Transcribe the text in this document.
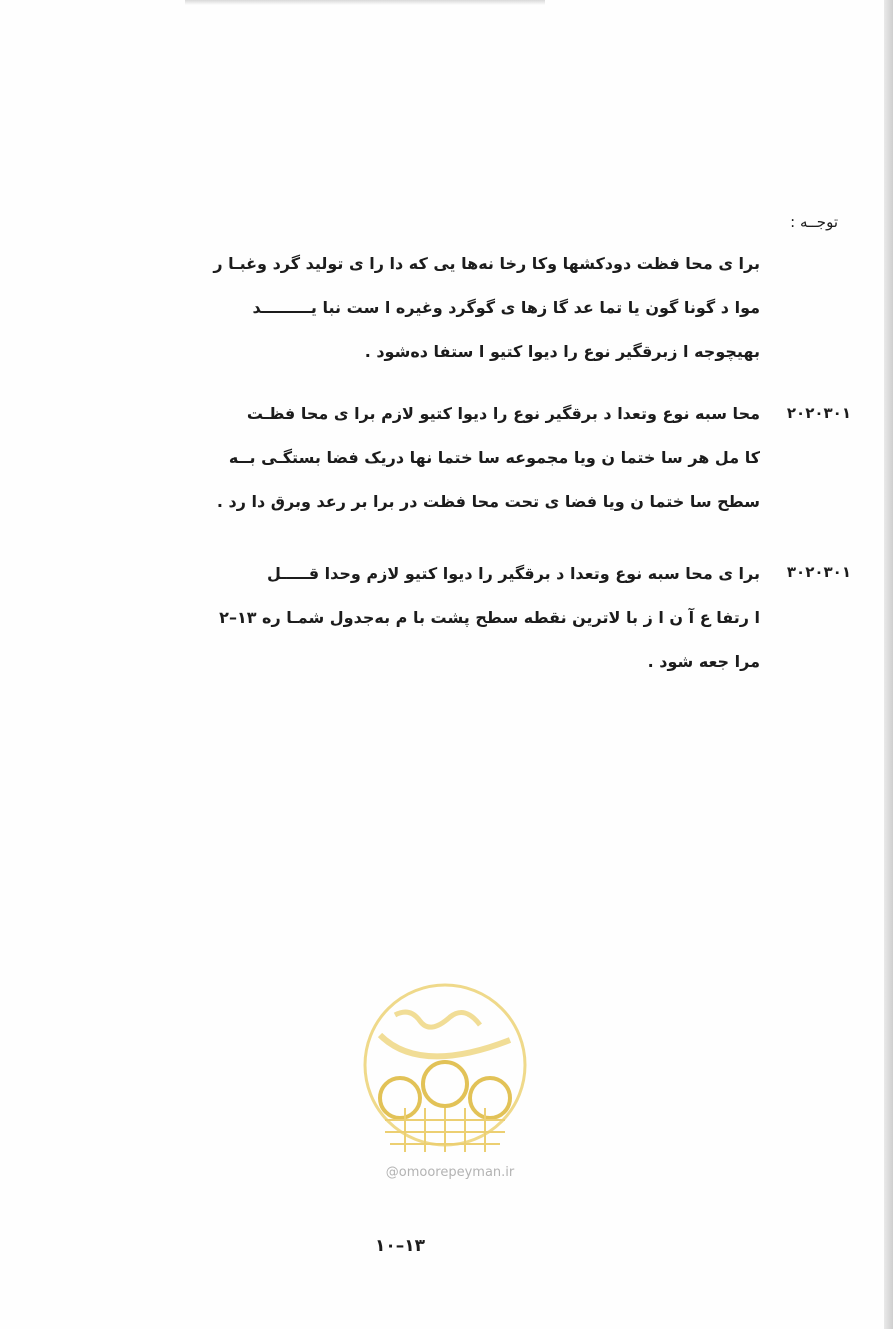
توجــه :
برا ی محا فظت دودکشها وکا رخا نه‌ها یی که دا را ی تولید گرد وغبـا ر
موا د گونا گون یا تما عد گا زها ی گوگرد وغیره ا ست نبا یـــــــــد
بهیچوجه ا زبرقگیر نوع را دیوا کتیو ا ستفا ده‌شود .
۲۰۲۰۳۰۱
محا سبه نوع وتعدا د برقگیر نوع را دیوا کتیو لازم برا ی محا فظـت
کا مل هر سا ختما ن ویا مجموعه سا ختما نها دریک فضا بستگـی بــه
سطح سا ختما ن ویا فضا ی تحت محا فظت در برا بر رعد وبرق دا رد .
۳۰۲۰۳۰۱
برا ی محا سبه نوع وتعدا د برقگیر را دیوا کتیو لازم وحدا قـــــل
ا رتفا ع آ ن ا ز با لاترین نقطه سطح پشت با م به‌جدول شمـا ره ۱۳–۲
مرا جعه شود .
@omoorepeyman.ir
۱۰–۱۳
